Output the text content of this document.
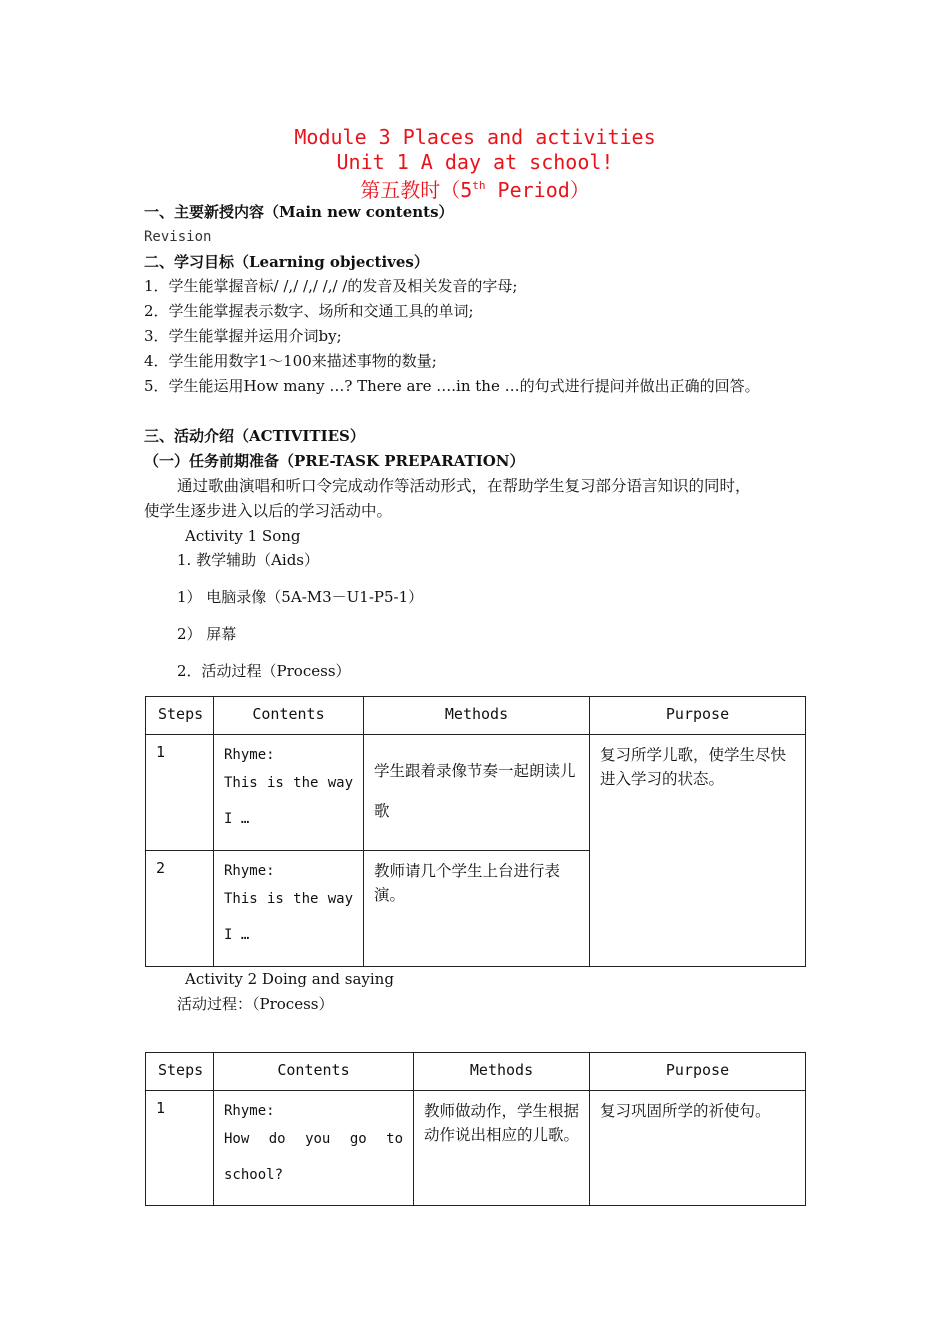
Module 3 Places and activities
Unit 1 A day at school!
第五教时（5th Period）
一、主要新授内容（Main new contents）
Revision
二、学习目标（Learning objectives）
1．学生能掌握音标/ /,/ /,/ /,/ /的发音及相关发音的字母;
2．学生能掌握表示数字、场所和交通工具的单词;
3．学生能掌握并运用介词by;
4．学生能用数字1～100来描述事物的数量;
5．学生能运用How many …? There are ….in the …的句式进行提问并做出正确的回答。
三、活动介绍（ACTIVITIES）
（一）任务前期准备（PRE-TASK PREPARATION）
通过歌曲演唱和听口令完成动作等活动形式，在帮助学生复习部分语言知识的同时，
使学生逐步进入以后的学习活动中。
Activity 1 Song
1. 教学辅助（Aids）
1） 电脑录像（5A-M3－U1-P5-1）
2） 屏幕
2．活动过程（Process）
Steps	Contents	Methods	Purpose
1	Rhyme:
This is the way
I …	学生跟着录像节奏一起朗读儿歌	复习所学儿歌，使学生尽快进入学习的状态。
2	Rhyme:
This is the way
I …	教师请几个学生上台进行表演。	
Activity 2 Doing and saying
活动过程：（Process）
Steps	Contents	Methods	Purpose
1	Rhyme:
How do you go to
school?	教师做动作，学生根据动作说出相应的儿歌。	复习巩固所学的祈使句。
